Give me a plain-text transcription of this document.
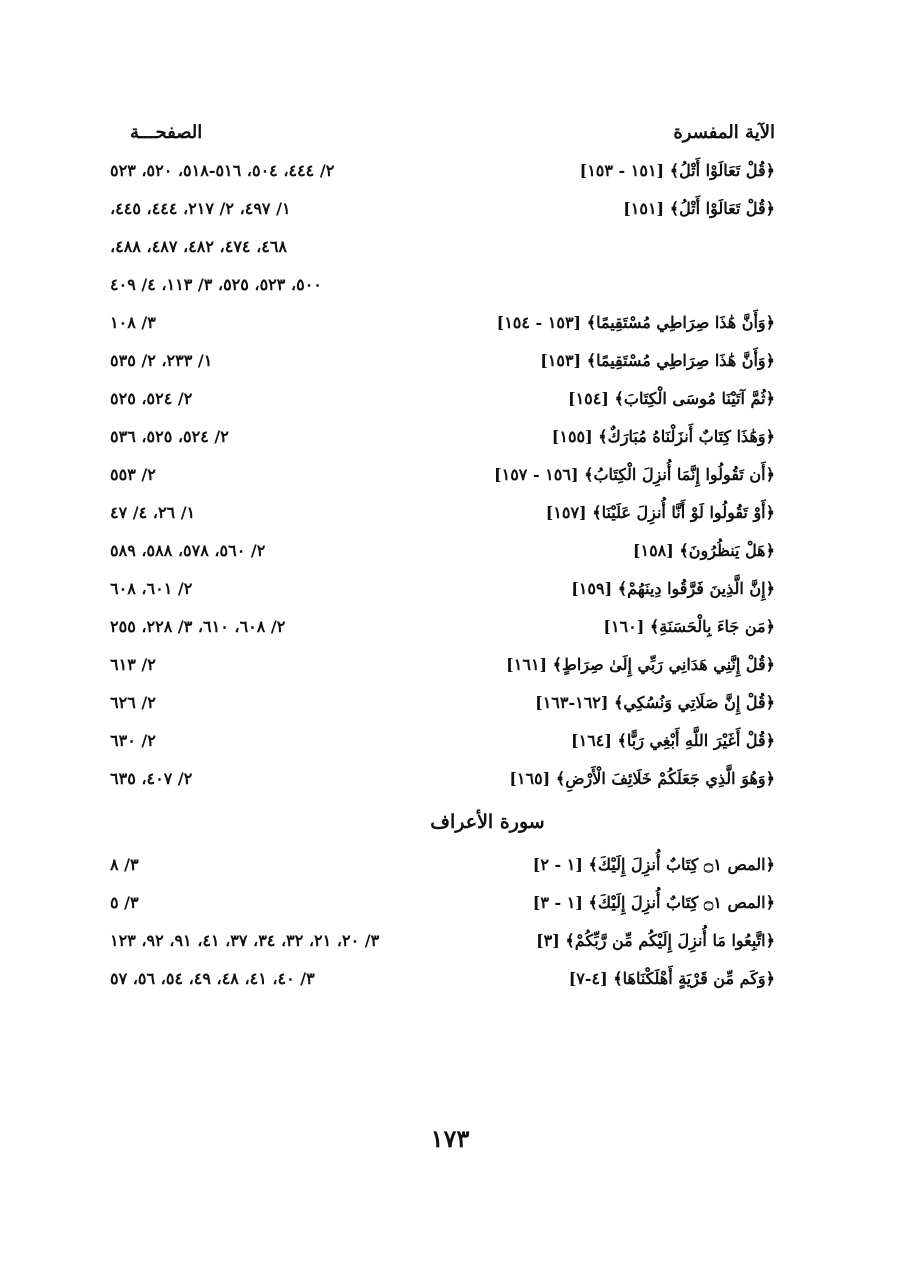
الآية المفسرة
الصفحـــة
﴿قُلْ تَعَالَوْا أَتْلُ﴾ [١٥١ - ١٥٣]
٢/ ٤٤٤، ٥٠٤، ٥١٦-٥١٨، ٥٢٠، ٥٢٣
﴿قُلْ تَعَالَوْا أَتْلُ﴾ [١٥١]
١/ ٤٩٧، ٢/ ٢١٧، ٤٤٤، ٤٤٥،
٤٦٨، ٤٧٤، ٤٨٢، ٤٨٧، ٤٨٨،
٥٠٠، ٥٢٣، ٥٢٥، ٣/ ١١٣، ٤/ ٤٠٩
﴿وَأَنَّ هَٰذَا صِرَاطِي مُسْتَقِيمًا﴾ [١٥٣ - ١٥٤]
٣/ ١٠٨
﴿وَأَنَّ هَٰذَا صِرَاطِي مُسْتَقِيمًا﴾ [١٥٣]
١/ ٢٣٣، ٢/ ٥٣٥
﴿ثُمَّ آتَيْنَا مُوسَى الْكِتَابَ﴾ [١٥٤]
٢/ ٥٢٤، ٥٢٥
﴿وَهَٰذَا كِتَابٌ أَنزَلْنَاهُ مُبَارَكٌ﴾ [١٥٥]
٢/ ٥٢٤، ٥٢٥، ٥٣٦
﴿أَن تَقُولُوا إِنَّمَا أُنزِلَ الْكِتَابُ﴾ [١٥٦ - ١٥٧]
٢/ ٥٥٣
﴿أَوْ تَقُولُوا لَوْ أَنَّا أُنزِلَ عَلَيْنَا﴾ [١٥٧]
١/ ٢٦، ٤/ ٤٧
﴿هَلْ يَنظُرُونَ﴾ [١٥٨]
٢/ ٥٦٠، ٥٧٨، ٥٨٨، ٥٨٩
﴿إِنَّ الَّذِينَ فَرَّقُوا دِينَهُمْ﴾ [١٥٩]
٢/ ٦٠١، ٦٠٨
﴿مَن جَاءَ بِالْحَسَنَةِ﴾ [١٦٠]
٢/ ٦٠٨، ٦١٠، ٣/ ٢٢٨، ٢٥٥
﴿قُلْ إِنَّنِي هَدَانِي رَبِّي إِلَىٰ صِرَاطٍ﴾ [١٦١]
٢/ ٦١٣
﴿قُلْ إِنَّ صَلَاتِي وَنُسُكِي﴾ [١٦٢-١٦٣]
٢/ ٦٢٦
﴿قُلْ أَغَيْرَ اللَّهِ أَبْغِي رَبًّا﴾ [١٦٤]
٢/ ٦٣٠
﴿وَهُوَ الَّذِي جَعَلَكُمْ خَلَائِفَ الْأَرْضِ﴾ [١٦٥]
٢/ ٤٠٧، ٦٣٥
سورة الأعراف
﴿المص ۝١ كِتَابٌ أُنزِلَ إِلَيْكَ﴾ [١ - ٢]
٣/ ٨
﴿المص ۝١ كِتَابٌ أُنزِلَ إِلَيْكَ﴾ [١ - ٣]
٣/ ٥
﴿اتَّبِعُوا مَا أُنزِلَ إِلَيْكُم مِّن رَّبِّكُمْ﴾ [٣]
٣/ ٢٠، ٢١، ٣٢، ٣٤، ٣٧، ٤١، ٩١، ٩٢، ١٢٣
﴿وَكَم مِّن قَرْيَةٍ أَهْلَكْنَاهَا﴾ [٤-٧]
٣/ ٤٠، ٤١، ٤٨، ٤٩، ٥٤، ٥٦، ٥٧
١٧٣
